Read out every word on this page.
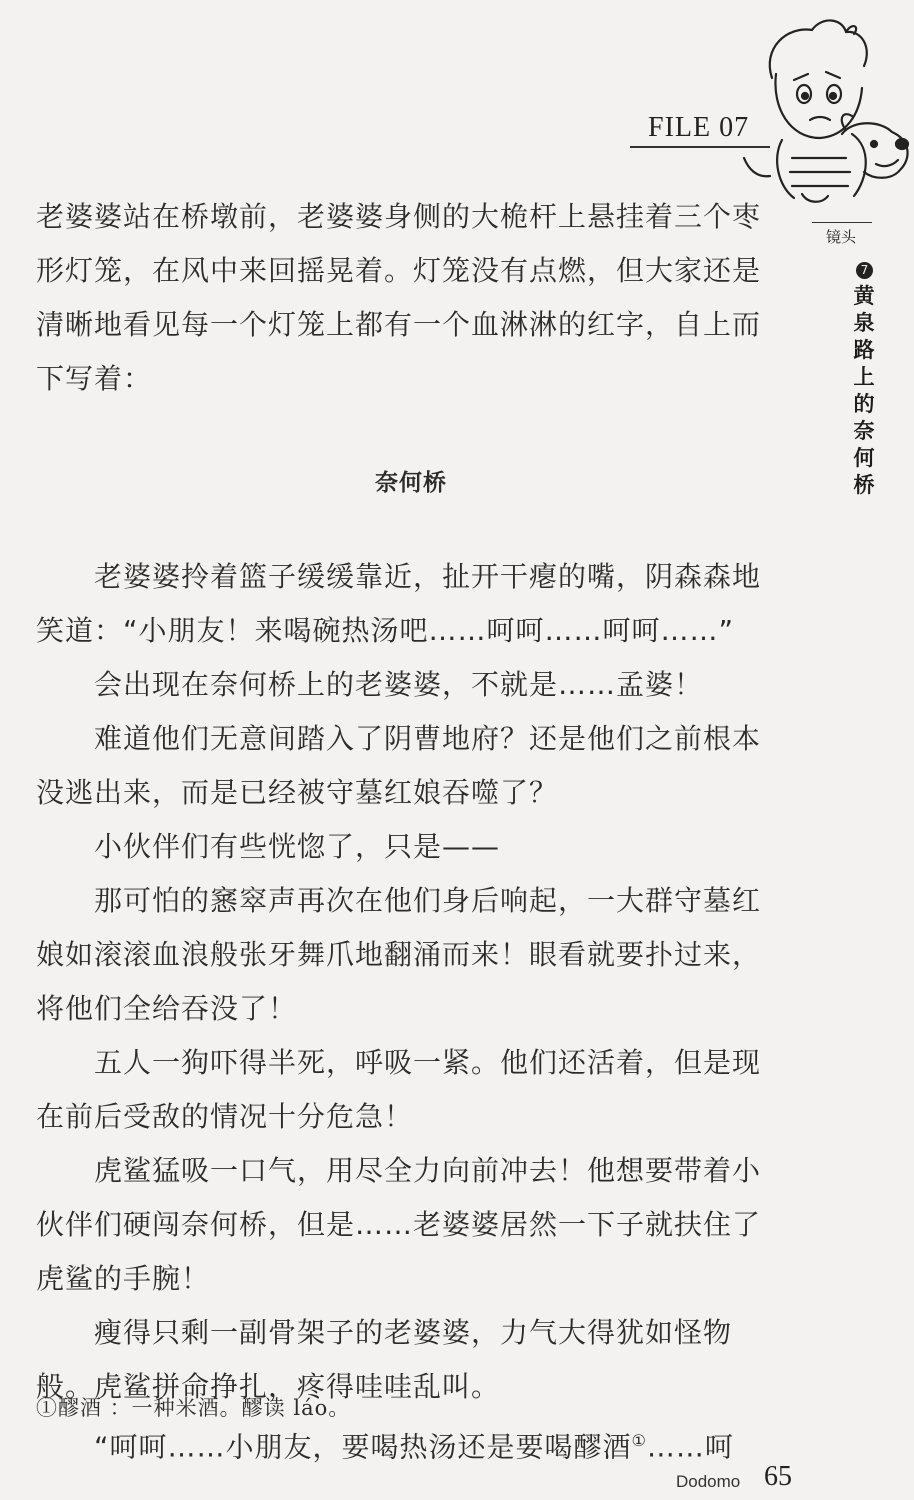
FILE 07
镜头
7
黄泉路上的奈何桥

老婆婆站在桥墩前，老婆婆身侧的大桅杆上悬挂着三个枣形灯笼，在风中来回摇晃着。灯笼没有点燃，但大家还是清晰地看见每一个灯笼上都有一个血淋淋的红字，自上而下写着：

奈何桥

老婆婆拎着篮子缓缓靠近，扯开干瘪的嘴，阴森森地笑道：“小朋友！来喝碗热汤吧……呵呵……呵呵……”

会出现在奈何桥上的老婆婆，不就是……孟婆！

难道他们无意间踏入了阴曹地府？还是他们之前根本没逃出来，而是已经被守墓红娘吞噬了？

小伙伴们有些恍惚了，只是——

那可怕的窸窣声再次在他们身后响起，一大群守墓红娘如滚滚血浪般张牙舞爪地翻涌而来！眼看就要扑过来，将他们全给吞没了！

五人一狗吓得半死，呼吸一紧。他们还活着，但是现在前后受敌的情况十分危急！

虎鲨猛吸一口气，用尽全力向前冲去！他想要带着小伙伴们硬闯奈何桥，但是……老婆婆居然一下子就扶住了虎鲨的手腕！

瘦得只剩一副骨架子的老婆婆，力气大得犹如怪物般。虎鲨拼命挣扎，疼得哇哇乱叫。

“呵呵……小朋友，要喝热汤还是要喝醪酒①……呵

①醪酒 ：一种米酒。醪读 láo。
Dodomo 65
